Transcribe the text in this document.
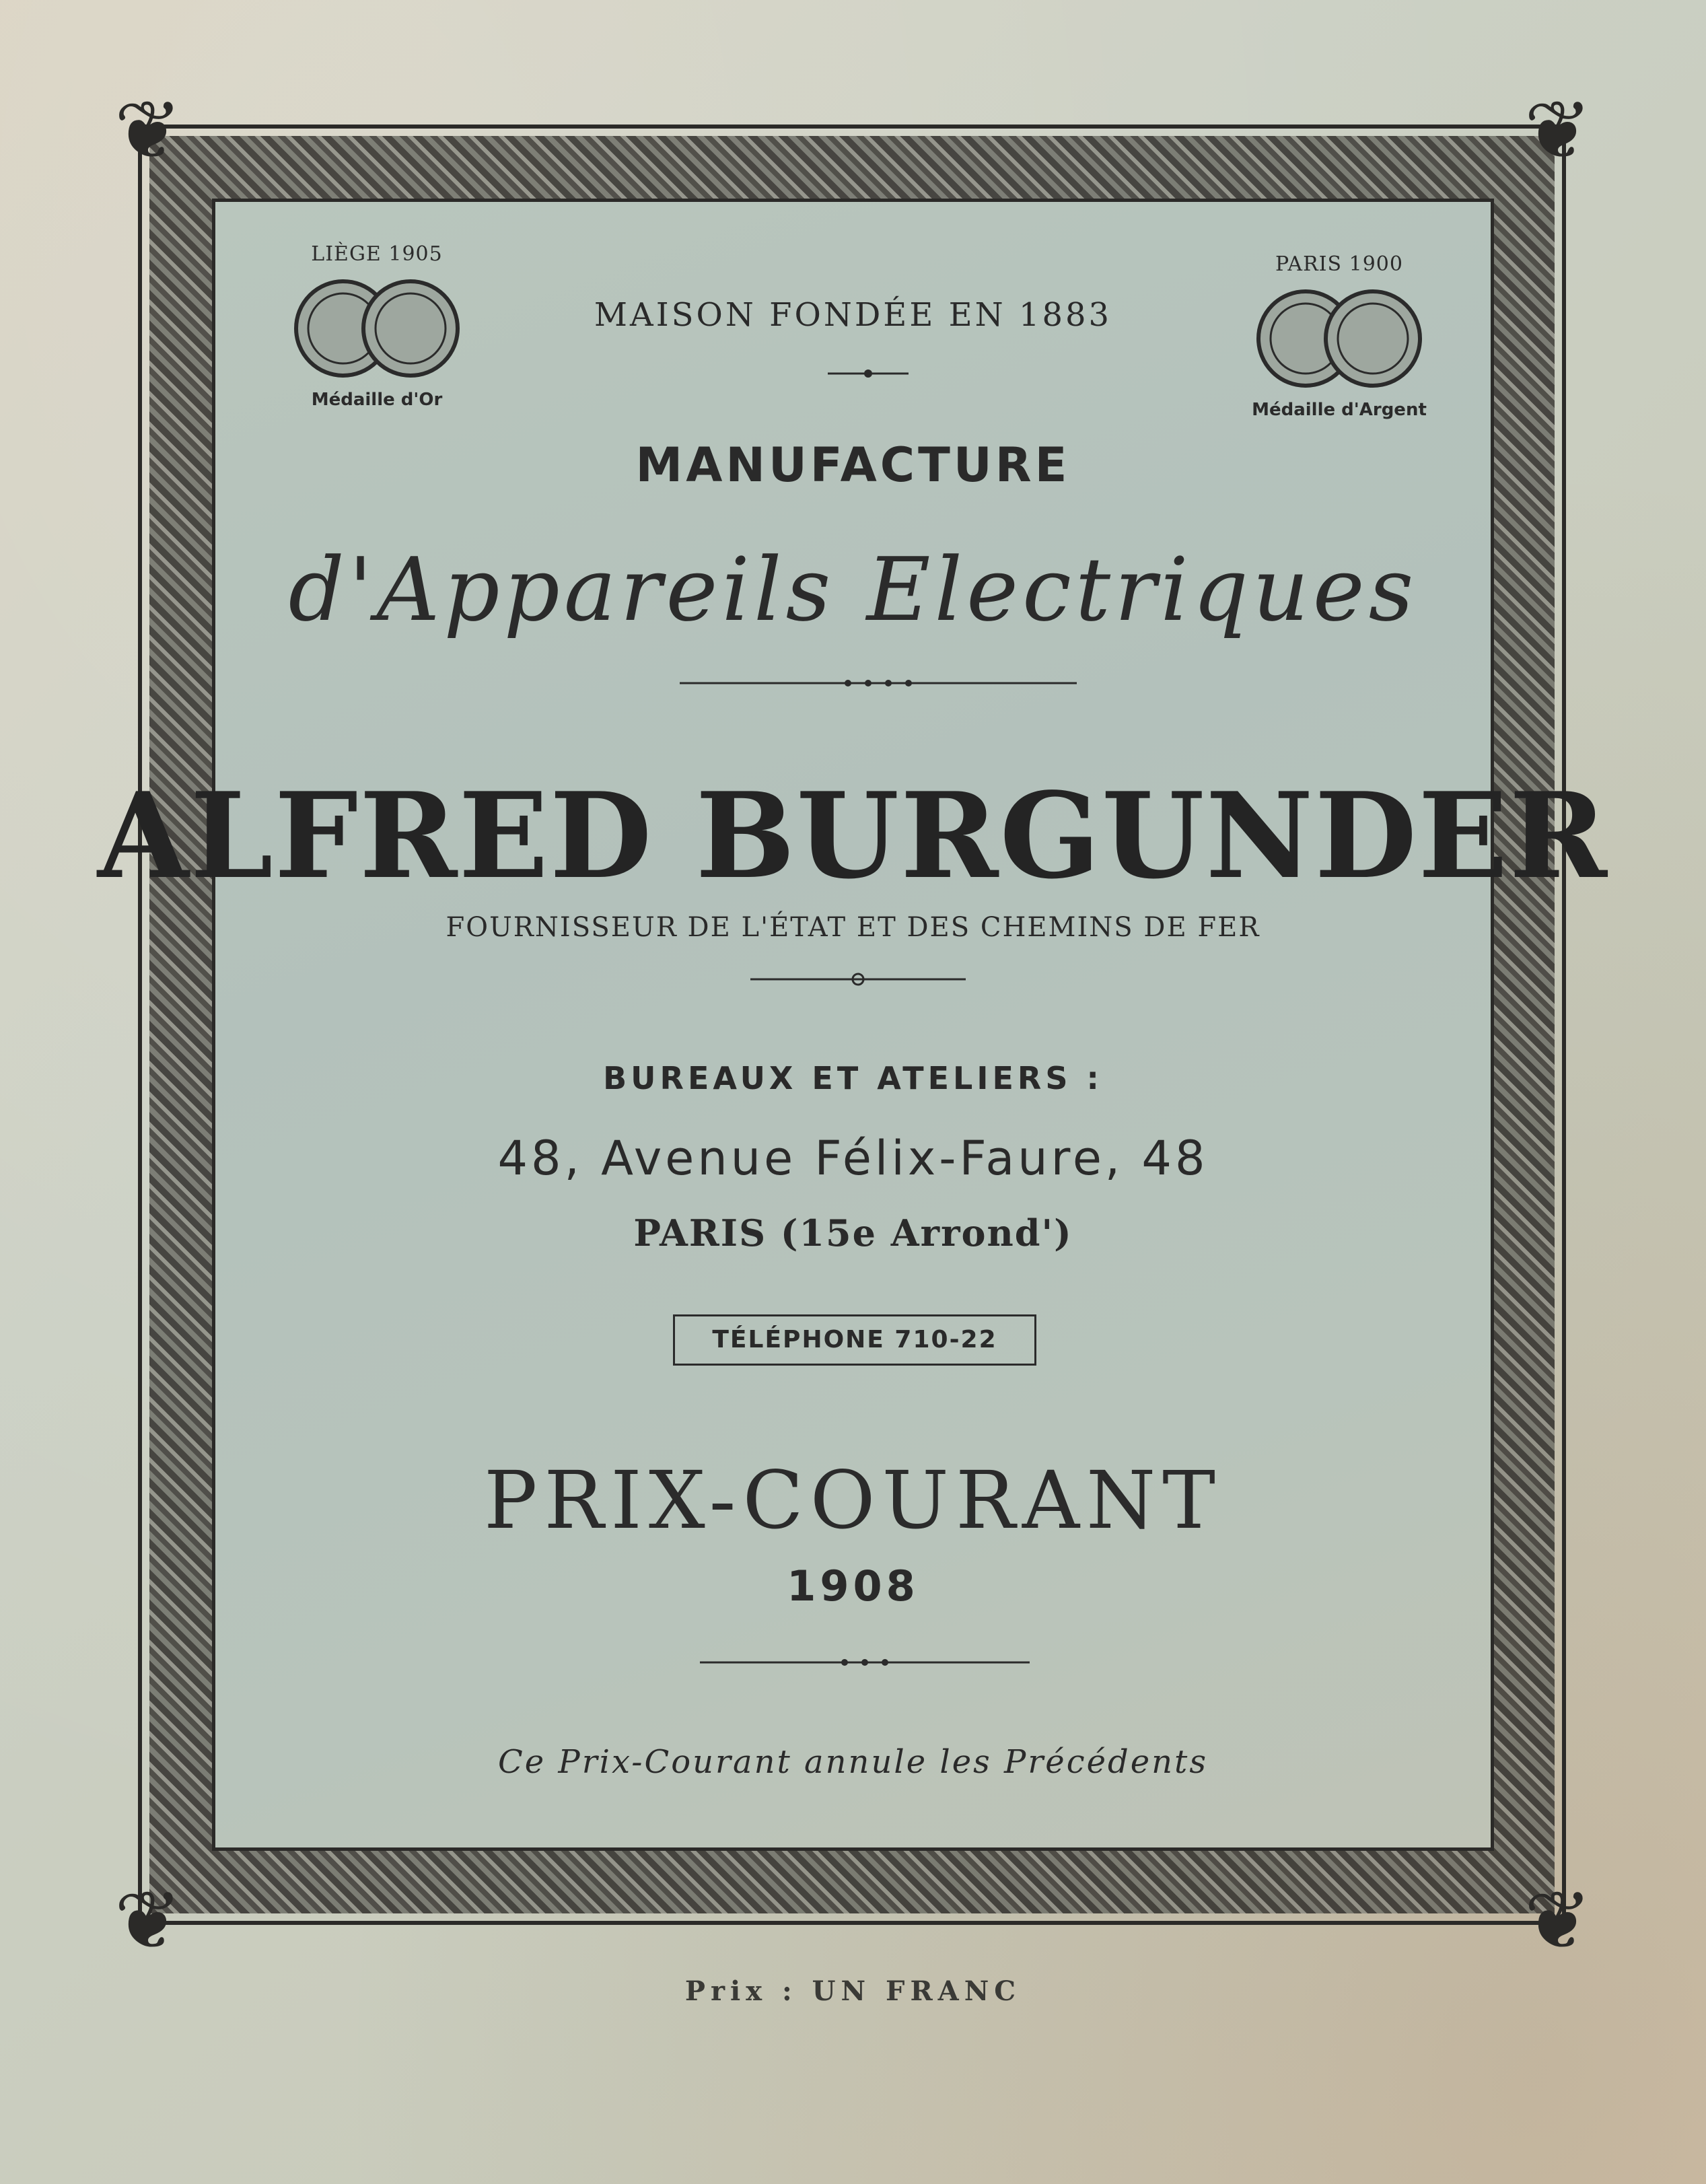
❦	❦
❦	❦
LIÈGE 1905
Médaille d'Or
PARIS 1900
Médaille d'Argent
MAISON FONDÉE EN 1883
MANUFACTURE
d'Appareils Electriques
ALFRED BURGUNDER
FOURNISSEUR DE L'ÉTAT ET DES CHEMINS DE FER
BUREAUX ET ATELIERS :
48, Avenue Félix-Faure, 48
PARIS (15e Arrond')
TÉLÉPHONE 710-22
PRIX-COURANT
1908
Ce Prix-Courant annule les Précédents
Prix : UN FRANC
